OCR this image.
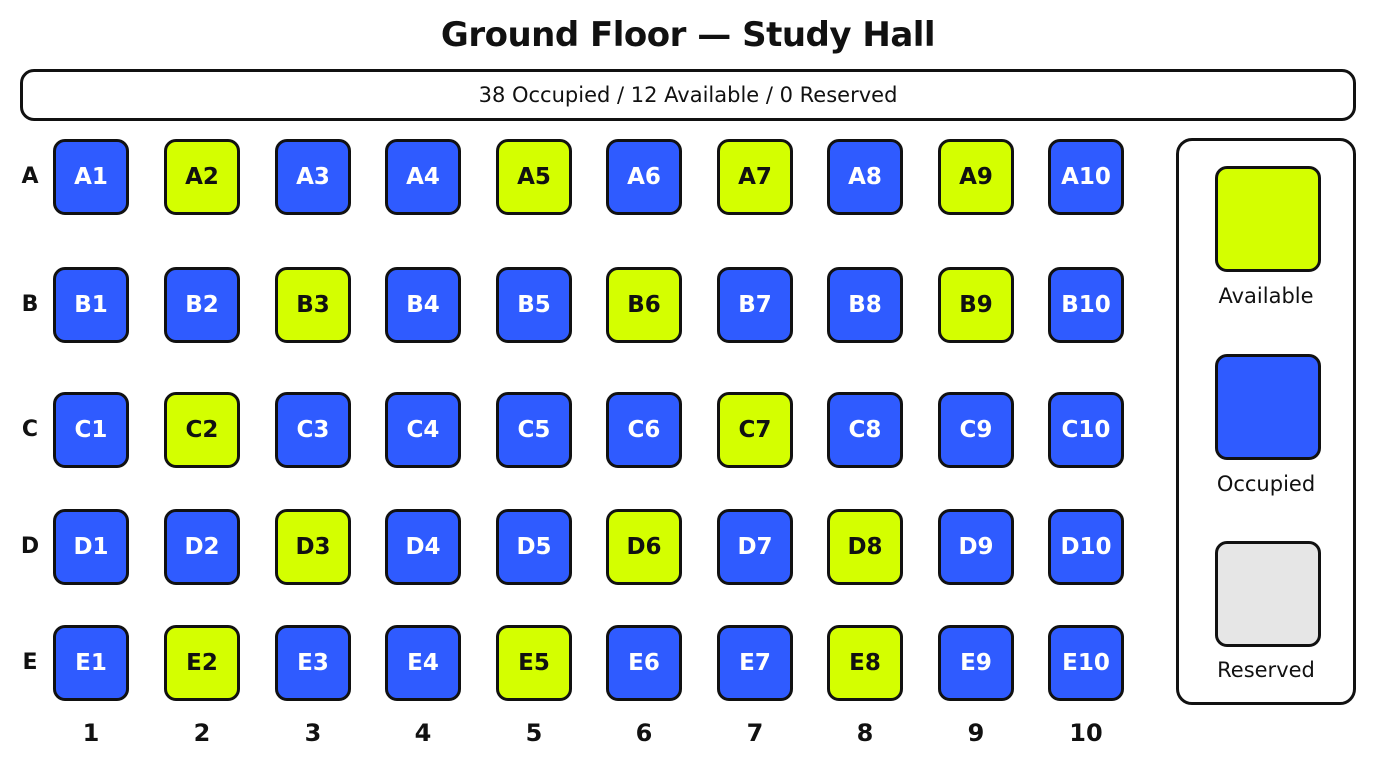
Ground Floor — Study Hall
38 Occupied / 12 Available / 0 Reserved
A	A1	A2	A3	A4	A5	A6	A7	A8	A9	A10
B	B1	B2	B3	B4	B5	B6	B7	B8	B9	B10
C	C1	C2	C3	C4	C5	C6	C7	C8	C9	C10
D	D1	D2	D3	D4	D5	D6	D7	D8	D9	D10
E	E1	E2	E3	E4	E5	E6	E7	E8	E9	E10
1	2	3	4	5	6	7	8	9	10
Available
Occupied
Reserved
